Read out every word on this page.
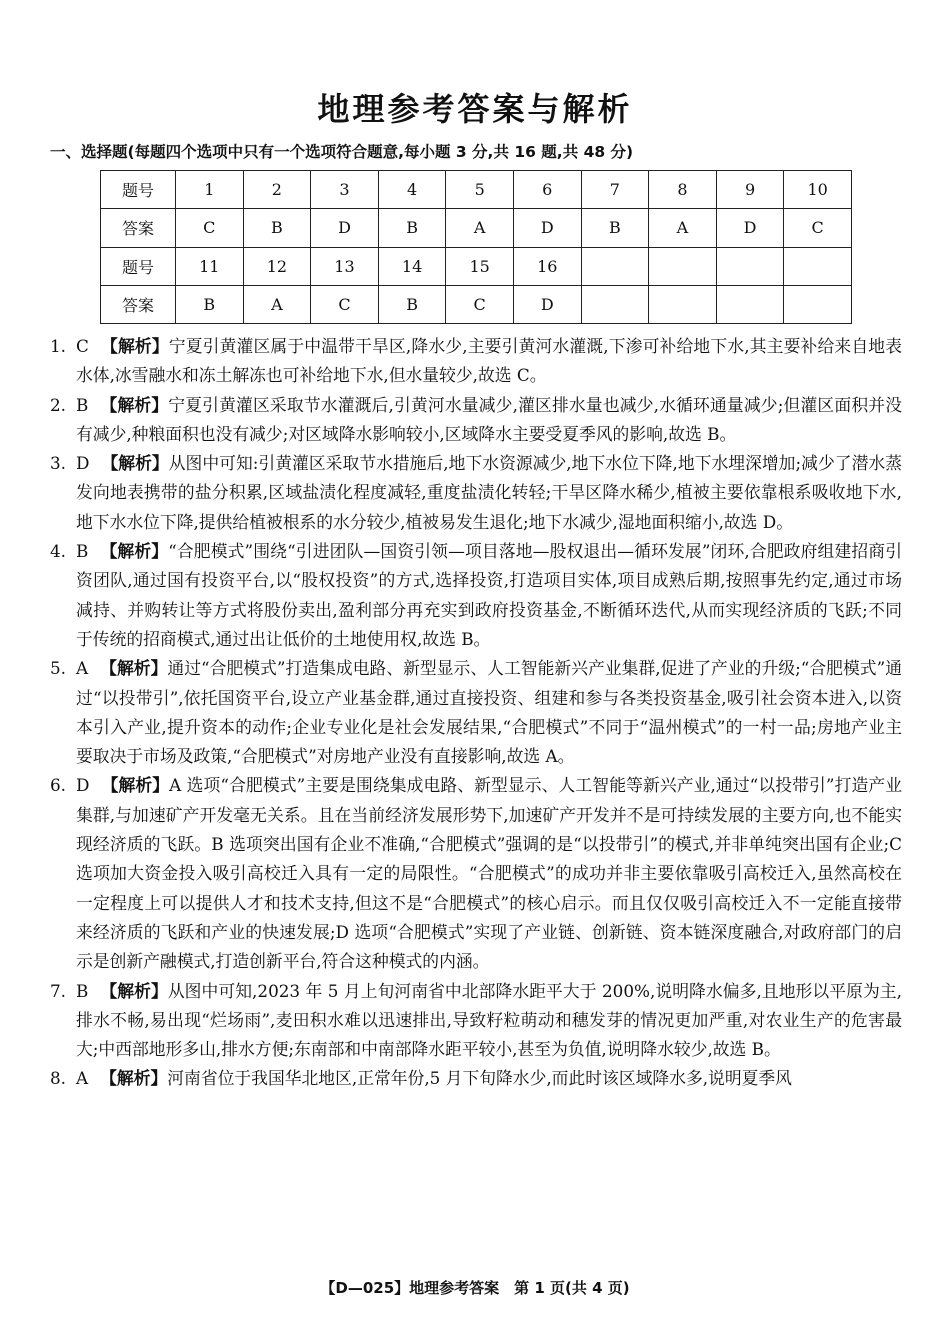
地理参考答案与解析
一、选择题(每题四个选项中只有一个选项符合题意,每小题 3 分,共 16 题,共 48 分)
题号	1	2	3	4	5	6	7	8	9	10
答案	C	B	D	B	A	D	B	A	D	C
题号	11	12	13	14	15	16				
答案	B	A	C	B	C	D				
1. C 【解析】宁夏引黄灌区属于中温带干旱区,降水少,主要引黄河水灌溉,下渗可补给地下水,其主要补给来自地表水体,冰雪融水和冻土解冻也可补给地下水,但水量较少,故选 C。
2. B 【解析】宁夏引黄灌区采取节水灌溉后,引黄河水量减少,灌区排水量也减少,水循环通量减少;但灌区面积并没有减少,种粮面积也没有减少;对区域降水影响较小,区域降水主要受夏季风的影响,故选 B。
3. D 【解析】从图中可知:引黄灌区采取节水措施后,地下水资源减少,地下水位下降,地下水埋深增加;减少了潜水蒸发向地表携带的盐分积累,区域盐渍化程度减轻,重度盐渍化转轻;干旱区降水稀少,植被主要依靠根系吸收地下水,地下水水位下降,提供给植被根系的水分较少,植被易发生退化;地下水减少,湿地面积缩小,故选 D。
4. B 【解析】“合肥模式”围绕“引进团队—国资引领—项目落地—股权退出—循环发展”闭环,合肥政府组建招商引资团队,通过国有投资平台,以“股权投资”的方式,选择投资,打造项目实体,项目成熟后期,按照事先约定,通过市场减持、并购转让等方式将股份卖出,盈利部分再充实到政府投资基金,不断循环迭代,从而实现经济质的飞跃;不同于传统的招商模式,通过出让低价的土地使用权,故选 B。
5. A 【解析】通过“合肥模式”打造集成电路、新型显示、人工智能新兴产业集群,促进了产业的升级;“合肥模式”通过“以投带引”,依托国资平台,设立产业基金群,通过直接投资、组建和参与各类投资基金,吸引社会资本进入,以资本引入产业,提升资本的动作;企业专业化是社会发展结果,“合肥模式”不同于“温州模式”的一村一品;房地产业主要取决于市场及政策,“合肥模式”对房地产业没有直接影响,故选 A。
6. D 【解析】A 选项“合肥模式”主要是围绕集成电路、新型显示、人工智能等新兴产业,通过“以投带引”打造产业集群,与加速矿产开发毫无关系。且在当前经济发展形势下,加速矿产开发并不是可持续发展的主要方向,也不能实现经济质的飞跃。B 选项突出国有企业不准确,“合肥模式”强调的是“以投带引”的模式,并非单纯突出国有企业;C 选项加大资金投入吸引高校迁入具有一定的局限性。“合肥模式”的成功并非主要依靠吸引高校迁入,虽然高校在一定程度上可以提供人才和技术支持,但这不是“合肥模式”的核心启示。而且仅仅吸引高校迁入不一定能直接带来经济质的飞跃和产业的快速发展;D 选项“合肥模式”实现了产业链、创新链、资本链深度融合,对政府部门的启示是创新产融模式,打造创新平台,符合这种模式的内涵。
7. B 【解析】从图中可知,2023 年 5 月上旬河南省中北部降水距平大于 200%,说明降水偏多,且地形以平原为主,排水不畅,易出现“烂场雨”,麦田积水难以迅速排出,导致籽粒萌动和穗发芽的情况更加严重,对农业生产的危害最大;中西部地形多山,排水方便;东南部和中南部降水距平较小,甚至为负值,说明降水较少,故选 B。
8. A 【解析】河南省位于我国华北地区,正常年份,5 月下旬降水少,而此时该区域降水多,说明夏季风
【D—025】地理参考答案　第 1 页(共 4 页)
